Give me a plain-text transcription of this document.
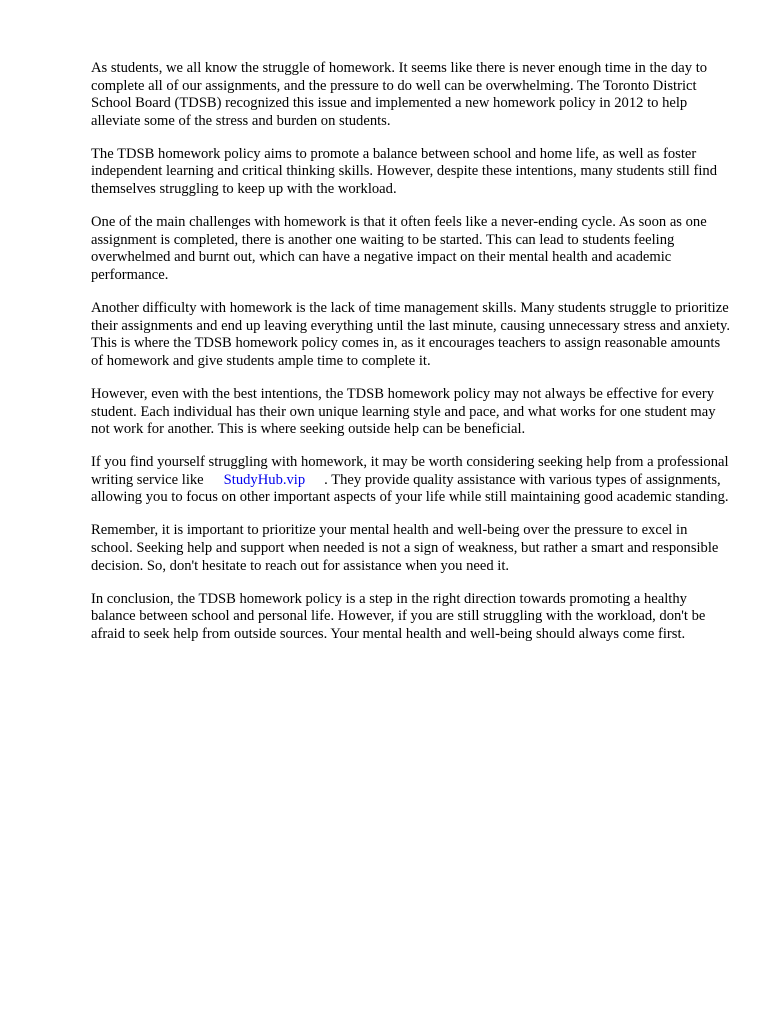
As students, we all know the struggle of homework. It seems like there is never enough time in the day to complete all of our assignments, and the pressure to do well can be overwhelming. The Toronto District School Board (TDSB) recognized this issue and implemented a new homework policy in 2012 to help alleviate some of the stress and burden on students.

The TDSB homework policy aims to promote a balance between school and home life, as well as foster independent learning and critical thinking skills. However, despite these intentions, many students still find themselves struggling to keep up with the workload.

One of the main challenges with homework is that it often feels like a never-ending cycle. As soon as one assignment is completed, there is another one waiting to be started. This can lead to students feeling overwhelmed and burnt out, which can have a negative impact on their mental health and academic performance.

Another difficulty with homework is the lack of time management skills. Many students struggle to prioritize their assignments and end up leaving everything until the last minute, causing unnecessary stress and anxiety. This is where the TDSB homework policy comes in, as it encourages teachers to assign reasonable amounts of homework and give students ample time to complete it.

However, even with the best intentions, the TDSB homework policy may not always be effective for every student. Each individual has their own unique learning style and pace, and what works for one student may not work for another. This is where seeking outside help can be beneficial.

If you find yourself struggling with homework, it may be worth considering seeking help from a professional writing service like StudyHub.vip . They provide quality assistance with various types of assignments, allowing you to focus on other important aspects of your life while still maintaining good academic standing.

Remember, it is important to prioritize your mental health and well-being over the pressure to excel in school. Seeking help and support when needed is not a sign of weakness, but rather a smart and responsible decision. So, don't hesitate to reach out for assistance when you need it.

In conclusion, the TDSB homework policy is a step in the right direction towards promoting a healthy balance between school and personal life. However, if you are still struggling with the workload, don't be afraid to seek help from outside sources. Your mental health and well-being should always come first.
